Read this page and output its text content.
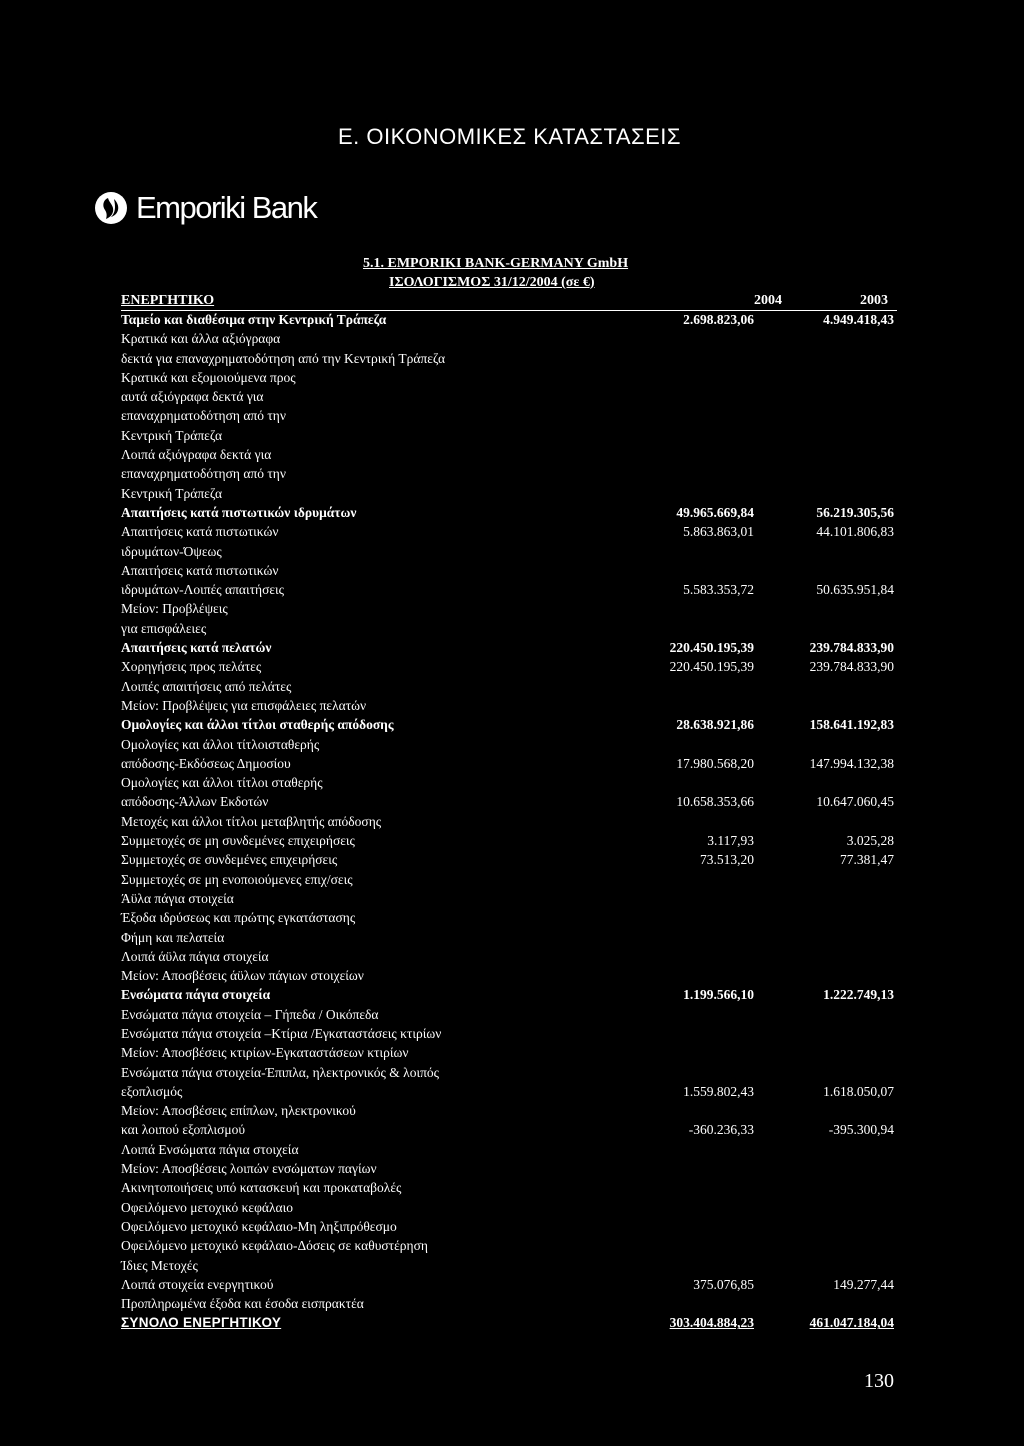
Ε. ΟΙΚΟΝΟΜΙΚΕΣ ΚΑΤΑΣΤΑΣΕΙΣ
Emporiki Bank
5.1. EMPORIKI BANK-GERMANY GmbH
ΙΣΟΛΟΓΙΣΜΟΣ 31/12/2004 (σε €)
ΕΝΕΡΓΗΤΙΚΟ	2004	2003
Ταμείο και διαθέσιμα στην Κεντρική Τράπεζα	2.698.823,06	4.949.418,43
Κρατικά και άλλα αξιόγραφα
δεκτά για επαναχρηματοδότηση από την Κεντρική Τράπεζα
Κρατικά και εξομοιούμενα προς
αυτά αξιόγραφα δεκτά για
επαναχρηματοδότηση από την
Κεντρική Τράπεζα
Λοιπά αξιόγραφα δεκτά για
επαναχρηματοδότηση από την
Κεντρική Τράπεζα
Απαιτήσεις κατά πιστωτικών ιδρυμάτων	49.965.669,84	56.219.305,56
Απαιτήσεις κατά πιστωτικών	5.863.863,01	44.101.806,83
ιδρυμάτων-Όψεως
Απαιτήσεις κατά πιστωτικών
ιδρυμάτων-Λοιπές απαιτήσεις	5.583.353,72	50.635.951,84
Μείον: Προβλέψεις
για επισφάλειες
Απαιτήσεις κατά πελατών	220.450.195,39	239.784.833,90
Χορηγήσεις προς πελάτες	220.450.195,39	239.784.833,90
Λοιπές απαιτήσεις από πελάτες
Μείον: Προβλέψεις για επισφάλειες πελατών
Ομολογίες και άλλοι τίτλοι σταθερής απόδοσης	28.638.921,86	158.641.192,83
Ομολογίες και άλλοι τίτλοισταθερής
απόδοσης-Εκδόσεως Δημοσίου	17.980.568,20	147.994.132,38
Ομολογίες και άλλοι τίτλοι σταθερής
απόδοσης-Άλλων Εκδοτών	10.658.353,66	10.647.060,45
Μετοχές και άλλοι τίτλοι μεταβλητής απόδοσης
Συμμετοχές σε μη συνδεμένες επιχειρήσεις	3.117,93	3.025,28
Συμμετοχές σε συνδεμένες επιχειρήσεις	73.513,20	77.381,47
Συμμετοχές σε μη ενοποιούμενες επιχ/σεις
Άϋλα πάγια στοιχεία
Έξοδα ιδρύσεως και πρώτης εγκατάστασης
Φήμη και πελατεία
Λοιπά άϋλα πάγια στοιχεία
Μείον: Αποσβέσεις άϋλων πάγιων στοιχείων
Ενσώματα πάγια στοιχεία	1.199.566,10	1.222.749,13
Ενσώματα πάγια στοιχεία – Γήπεδα / Οικόπεδα
Ενσώματα πάγια στοιχεία –Κτίρια /Εγκαταστάσεις κτιρίων
Μείον: Αποσβέσεις κτιρίων-Εγκαταστάσεων κτιρίων
Ενσώματα πάγια στοιχεία-Έπιπλα, ηλεκτρονικός & λοιπός
εξοπλισμός	1.559.802,43	1.618.050,07
Μείον: Αποσβέσεις επίπλων, ηλεκτρονικού
και λοιπού εξοπλισμού	-360.236,33	-395.300,94
Λοιπά Ενσώματα πάγια στοιχεία
Μείον: Αποσβέσεις λοιπών ενσώματων παγίων
Ακινητοποιήσεις υπό κατασκευή και προκαταβολές
Οφειλόμενο μετοχικό κεφάλαιο
Οφειλόμενο μετοχικό κεφάλαιο-Μη ληξιπρόθεσμο
Οφειλόμενο μετοχικό κεφάλαιο-Δόσεις σε καθυστέρηση
Ίδιες Μετοχές
Λοιπά στοιχεία ενεργητικού	375.076,85	149.277,44
Προπληρωμένα έξοδα και έσοδα εισπρακτέα
ΣΥΝΟΛΟ ΕΝΕΡΓΗΤΙΚΟΥ	303.404.884,23	461.047.184,04
130
